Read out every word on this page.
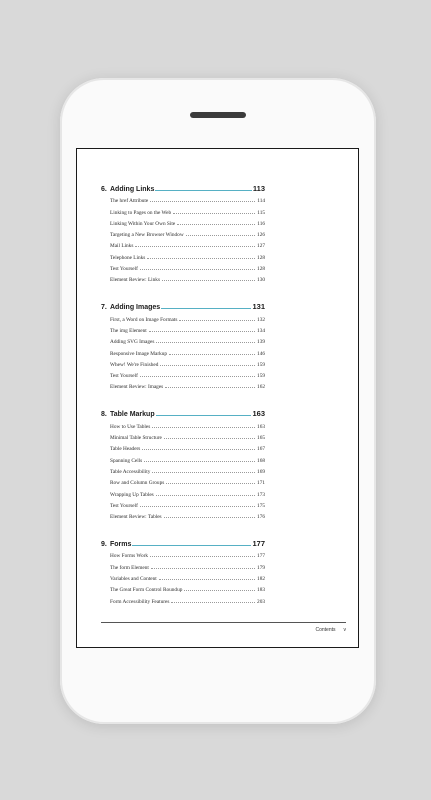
6. Adding Links	113
The href Attribute	114
Linking to Pages on the Web	115
Linking Within Your Own Site	116
Targeting a New Browser Window	126
Mail Links	127
Telephone Links	128
Test Yourself	128
Element Review: Links	130
7. Adding Images	131
First, a Word on Image Formats	132
The img Element	134
Adding SVG Images	139
Responsive Image Markup	146
Whew! We're Finished	159
Test Yourself	159
Element Review: Images	162
8. Table Markup	163
How to Use Tables	163
Minimal Table Structure	165
Table Headers	167
Spanning Cells	168
Table Accessibility	169
Row and Column Groups	171
Wrapping Up Tables	173
Test Yourself	175
Element Review: Tables	176
9. Forms	177
How Forms Work	177
The form Element	179
Variables and Content	182
The Great Form Control Roundup	183
Form Accessibility Features	203
Contents v
